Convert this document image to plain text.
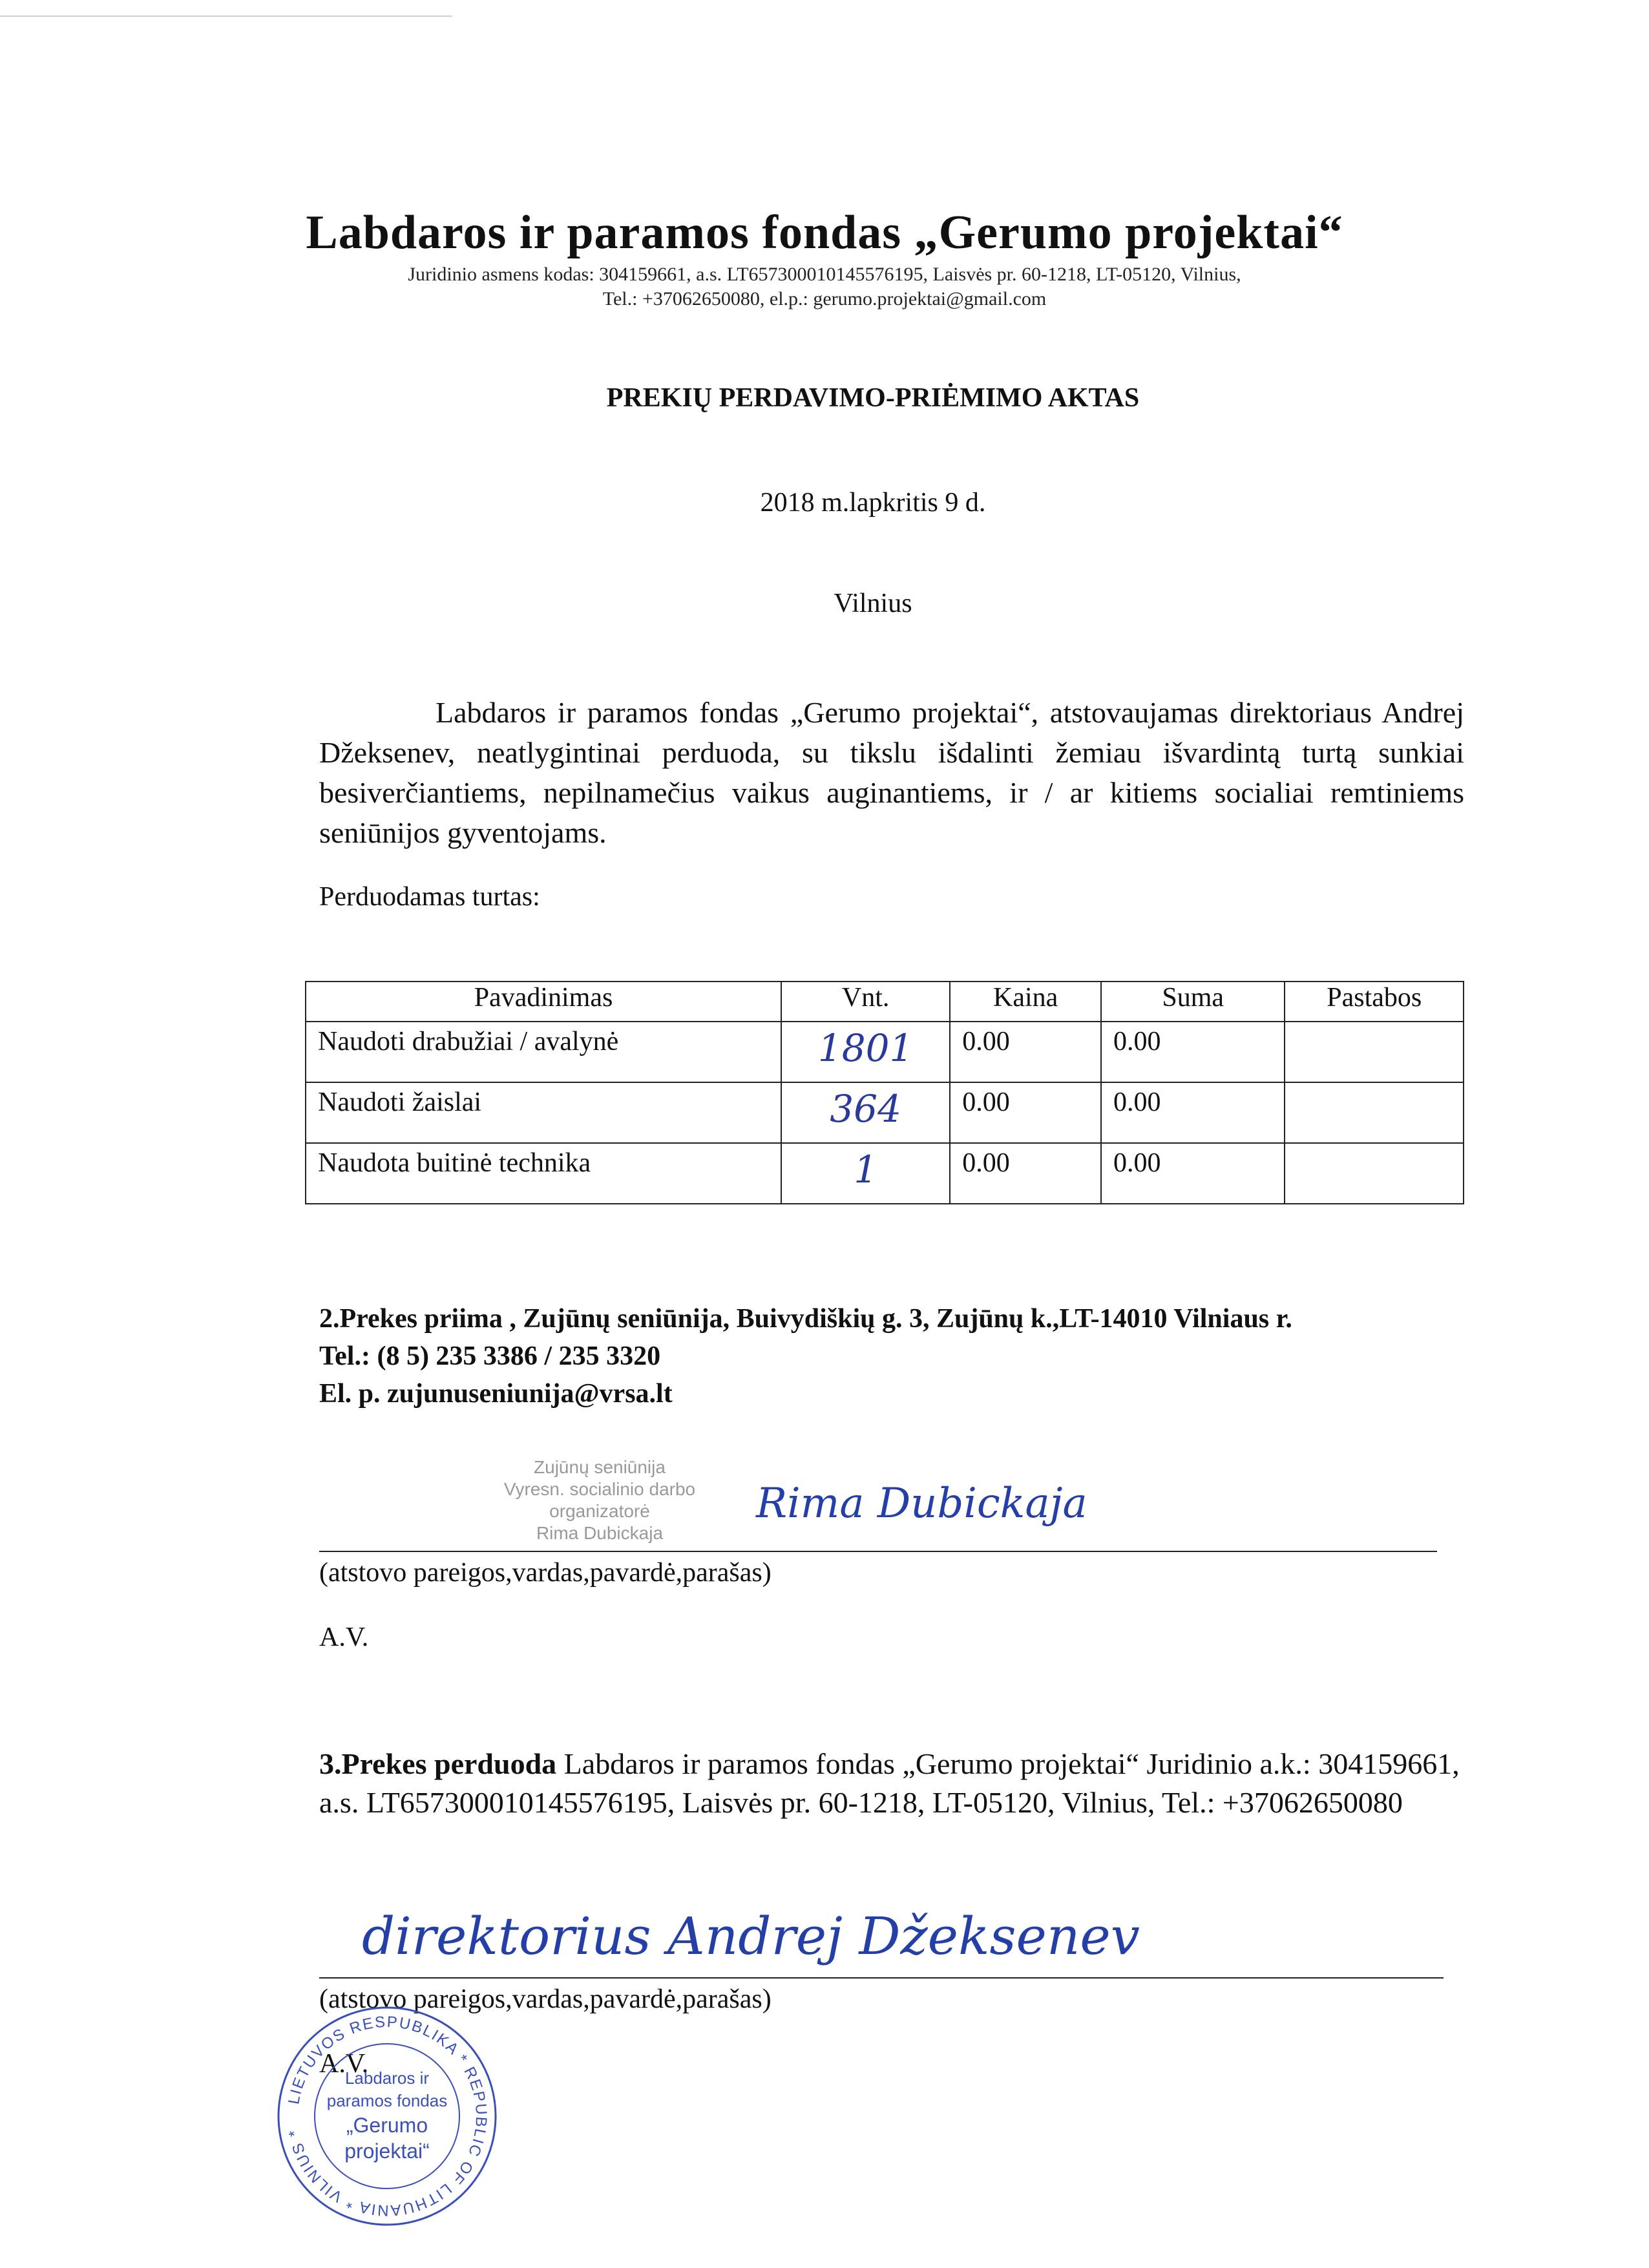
Labdaros ir paramos fondas „Gerumo projektai“
Juridinio asmens kodas: 304159661, a.s. LT657300010145576195, Laisvės pr. 60-1218, LT-05120, Vilnius,
Tel.: +37062650080, el.p.: gerumo.projektai@gmail.com
PREKIŲ PERDAVIMO-PRIĖMIMO AKTAS
2018 m.lapkritis 9 d.
Vilnius
Labdaros ir paramos fondas „Gerumo projektai“, atstovaujamas direktoriaus Andrej Džeksenev, neatlygintinai perduoda, su tikslu išdalinti žemiau išvardintą turtą sunkiai besiverčiantiems, nepilnamečius vaikus auginantiems, ir / ar kitiems socialiai remtiniems seniūnijos gyventojams.
Perduodamas turtas:
Pavadinimas	Vnt.	Kaina	Suma	Pastabos
Naudoti drabužiai / avalynė	1801	0.00	0.00	
Naudoti žaislai	364	0.00	0.00	
Naudota buitinė technika	1	0.00	0.00	
2.Prekes priima , Zujūnų seniūnija, Buivydiškių g. 3, Zujūnų k.,LT-14010 Vilniaus r.
Tel.: (8 5) 235 3386 / 235 3320
El. p. zujunuseniunija@vrsa.lt
Zujūnų seniūnija
Vyresn. socialinio darbo
organizatorė
Rima Dubickaja
Rima Dubickaja
(atstovo pareigos,vardas,pavardė,parašas)
A.V.
3.Prekes perduoda Labdaros ir paramos fondas „Gerumo projektai“ Juridinio a.k.: 304159661, a.s. LT657300010145576195, Laisvės pr. 60-1218, LT-05120, Vilnius, Tel.: +37062650080
direktorius Andrej Džeksenev
(atstovo pareigos,vardas,pavardė,parašas)
A.V.
LIETUVOS RESPUBLIKA * REPUBLIC OF LITHUANIA * VILNIUS *
Labdaros ir
paramos fondas
„Gerumo
projektai“
